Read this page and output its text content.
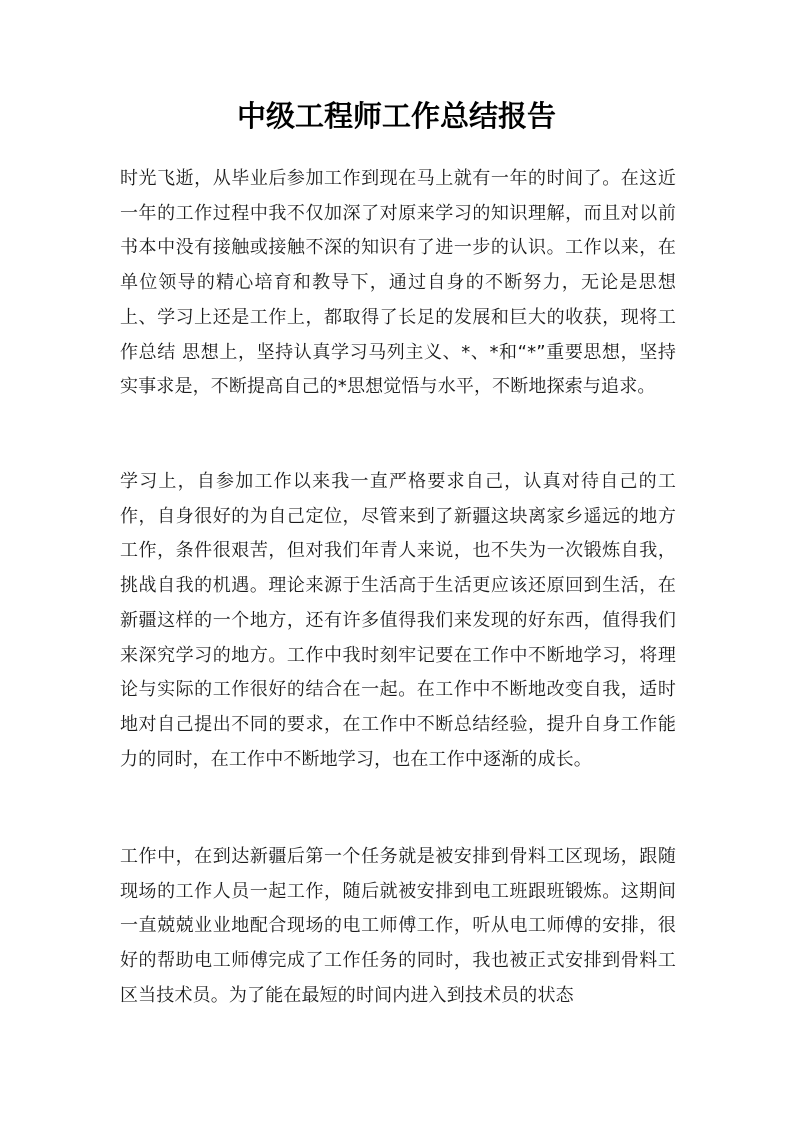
中级工程师工作总结报告

时光飞逝，从毕业后参加工作到现在马上就有一年的时间了。在这近一年的工作过程中我不仅加深了对原来学习的知识理解，而且对以前书本中没有接触或接触不深的知识有了进一步的认识。工作以来，在单位领导的精心培育和教导下，通过自身的不断努力，无论是思想上、学习上还是工作上，都取得了长足的发展和巨大的收获，现将工作总结 思想上，坚持认真学习马列主义、*、*和“*”重要思想，坚持实事求是，不断提高自己的*思想觉悟与水平，不断地探索与追求。

学习上，自参加工作以来我一直严格要求自己，认真对待自己的工作，自身很好的为自己定位，尽管来到了新疆这块离家乡遥远的地方工作，条件很艰苦，但对我们年青人来说，也不失为一次锻炼自我，挑战自我的机遇。理论来源于生活高于生活更应该还原回到生活，在新疆这样的一个地方，还有许多值得我们来发现的好东西，值得我们来深究学习的地方。工作中我时刻牢记要在工作中不断地学习，将理论与实际的工作很好的结合在一起。在工作中不断地改变自我，适时地对自己提出不同的要求，在工作中不断总结经验，提升自身工作能力的同时，在工作中不断地学习，也在工作中逐渐的成长。

工作中，在到达新疆后第一个任务就是被安排到骨料工区现场，跟随现场的工作人员一起工作，随后就被安排到电工班跟班锻炼。这期间一直兢兢业业地配合现场的电工师傅工作，听从电工师傅的安排，很好的帮助电工师傅完成了工作任务的同时，我也被正式安排到骨料工区当技术员。为了能在最短的时间内进入到技术员的状态
